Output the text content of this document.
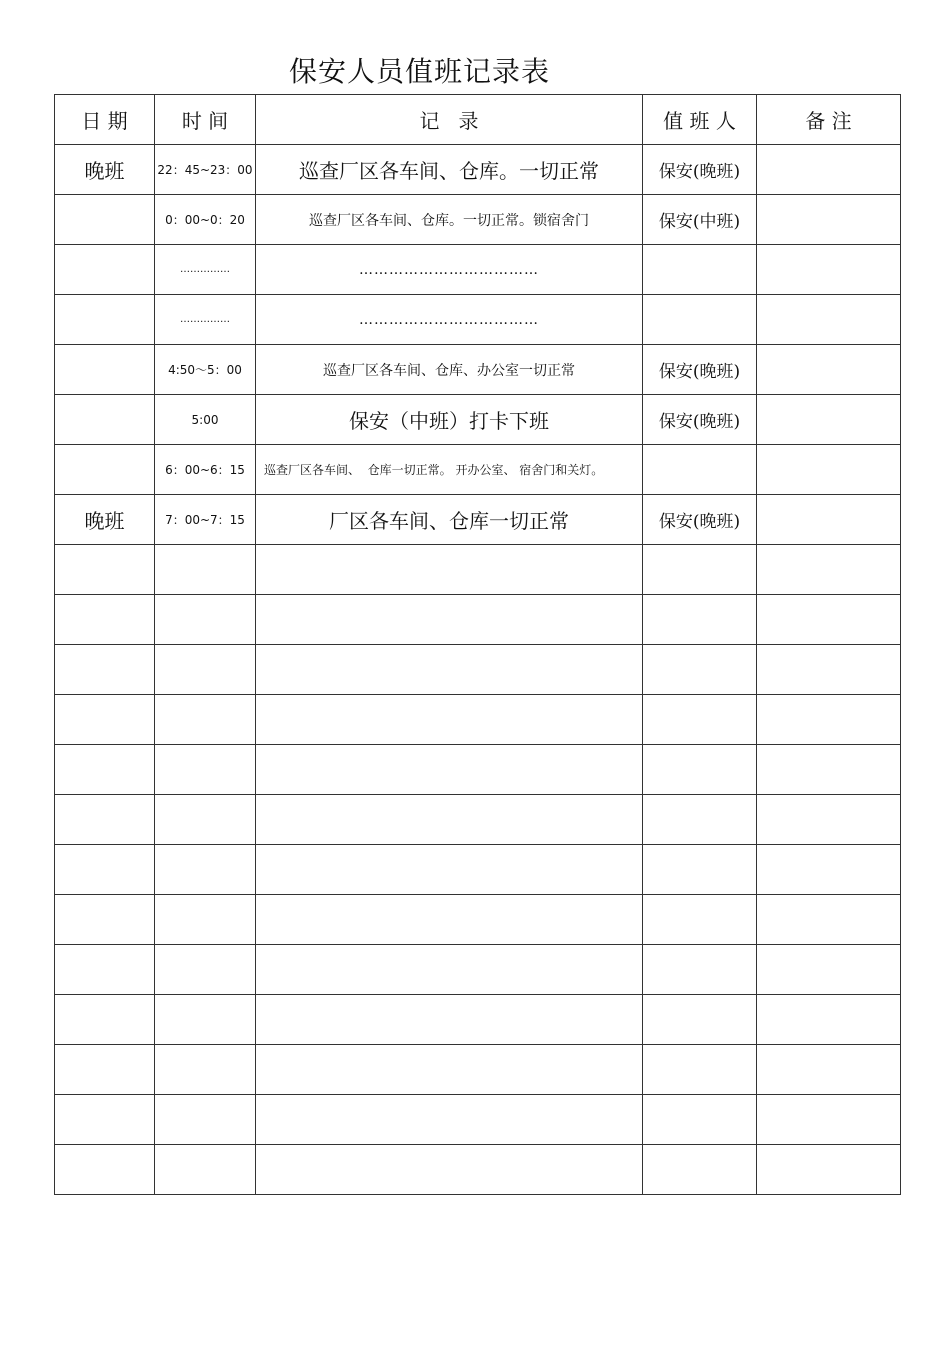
保安人员值班记录表
日 期	时 间	记   录	值 班 人	备 注
晚班	22：45~23：00	巡查厂区各车间、仓库。一切正常	保安(晚班)	
	0：00~0：20	巡查厂区各车间、仓库。一切正常。锁宿舍门	保安(中班)	
	……………	………………………………		
	……………	………………………………		
	4:50～5：00	巡查厂区各车间、仓库、办公室一切正常	保安(晚班)	
	5:00	保安（中班）打卡下班	保安(晚班)	
	6：00~6：15	巡查厂区各车间、  仓库一切正常。 开办公室、 宿舍门和关灯。		
晚班	7：00~7：15	厂区各车间、仓库一切正常	保安(晚班)	
